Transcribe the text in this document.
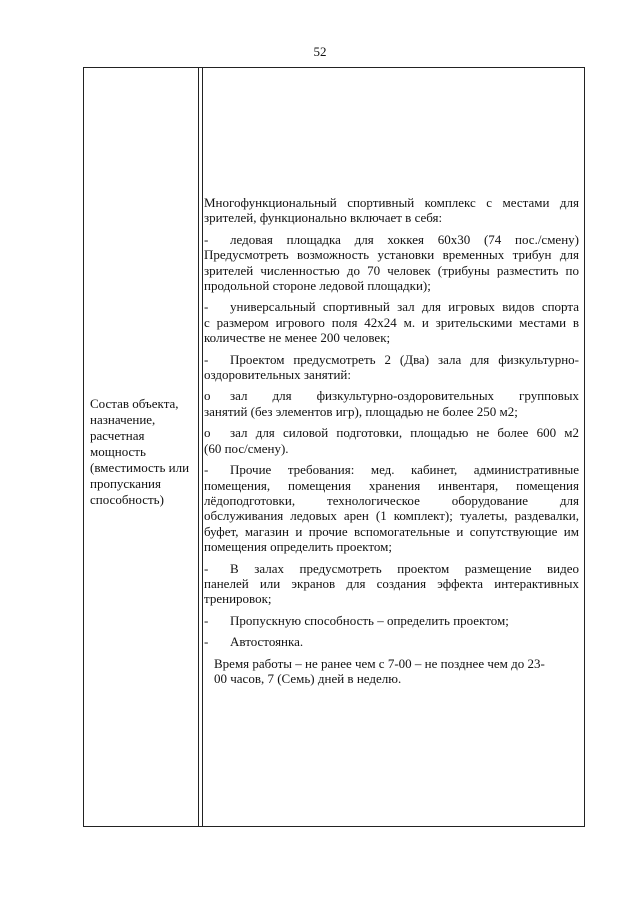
52
Состав объекта,
назначение,
расчетная
мощность
(вместимость или
пропускания
способность)
Многофункциональный спортивный комплекс с местами для
зрителей, функционально включает в себя:
- ледовая площадка для хоккея 60х30 (74 пос./смену)
Предусмотреть возможность установки временных трибун для
зрителей численностью до 70 человек (трибуны разместить по
продольной стороне ледовой площадки);
- универсальный спортивный зал для игровых видов спорта
с размером игрового поля 42х24 м. и зрительскими местами в
количестве не менее 200 человек;
- Проектом предусмотреть 2 (Два) зала для физкультурно-
оздоровительных занятий:
о зал для физкультурно-оздоровительных групповых
занятий (без элементов игр), площадью не более 250 м2;
о зал для силовой подготовки, площадью не более 600 м2
(60 пос/смену).
- Прочие требования: мед. кабинет, административные
помещения, помещения хранения инвентаря, помещения
лёдоподготовки, технологическое оборудование для
обслуживания ледовых арен (1 комплект); туалеты, раздевалки,
буфет, магазин и прочие вспомогательные и сопутствующие им
помещения определить проектом;
- В залах предусмотреть проектом размещение видео
панелей или экранов для создания эффекта интерактивных
тренировок;
- Пропускную способность – определить проектом;
- Автостоянка.
Время работы – не ранее чем с 7-00 – не позднее чем до 23-
00 часов, 7 (Семь) дней в неделю.
